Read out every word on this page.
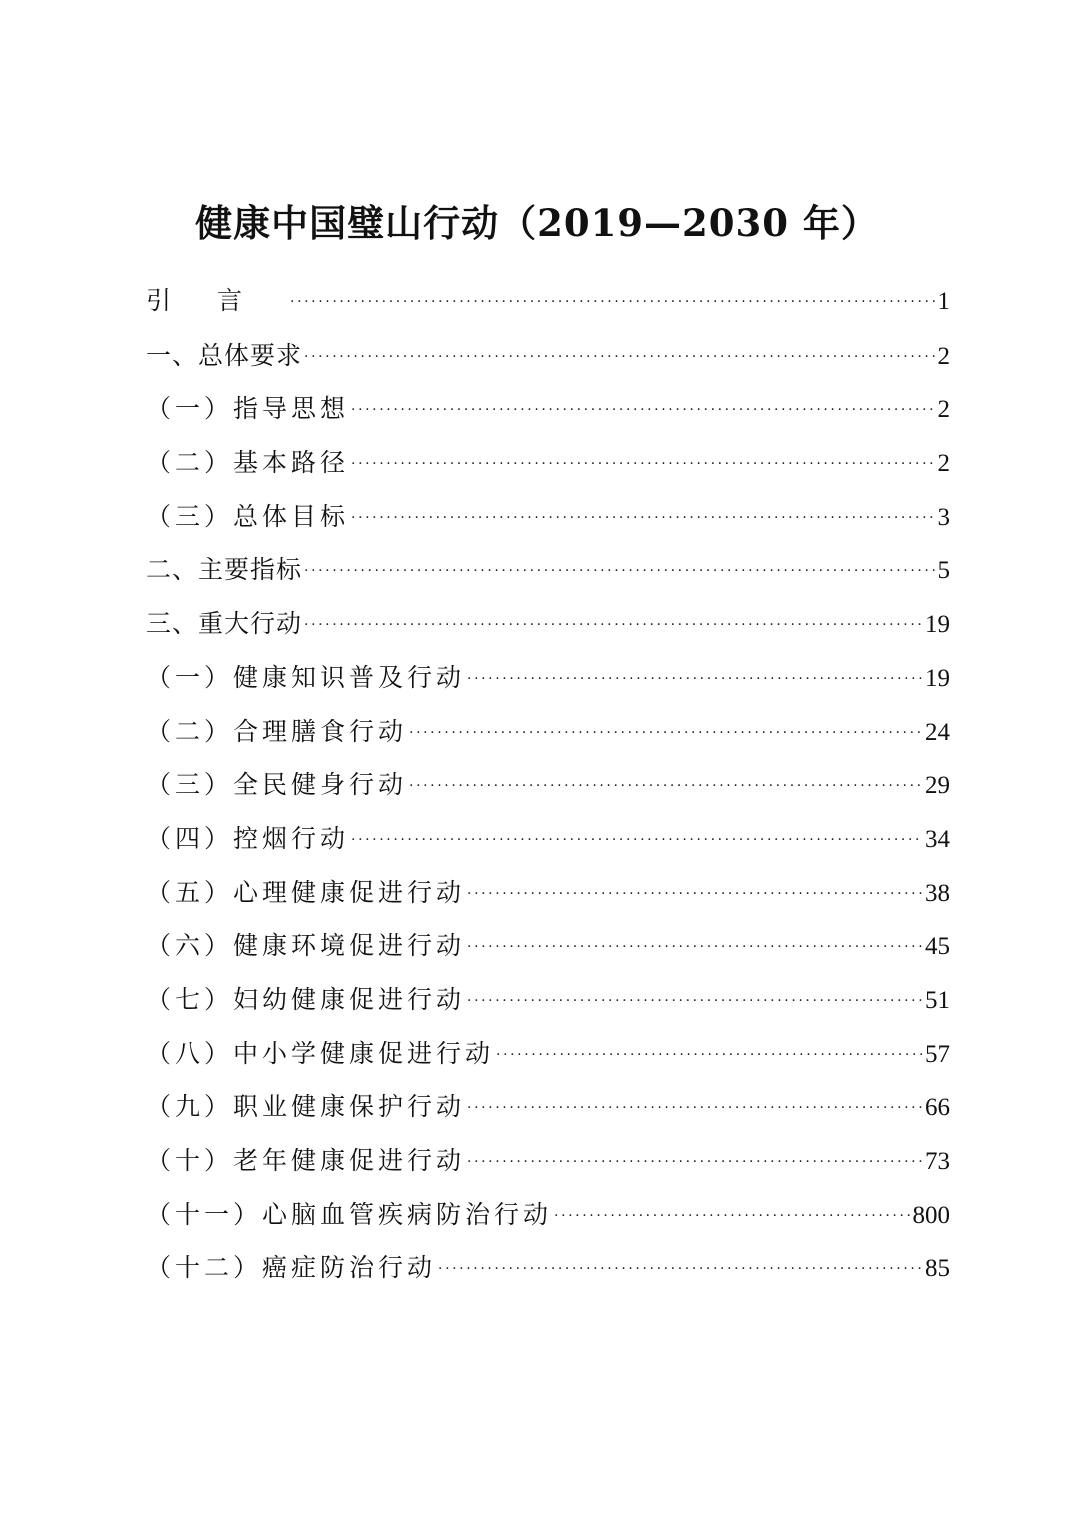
健康中国璧山行动（2019—2030 年）
引言 ·····	1
一、总体要求 ·····	2
（一）指导思想 ·····	2
（二）基本路径 ·····	2
（三）总体目标 ·····	3
二、主要指标 ·····	5
三、重大行动 ·····	19
（一）健康知识普及行动 ·····	19
（二）合理膳食行动 ·····	24
（三）全民健身行动 ·····	29
（四）控烟行动 ·····	34
（五）心理健康促进行动 ·····	38
（六）健康环境促进行动 ·····	45
（七）妇幼健康促进行动 ·····	51
（八）中小学健康促进行动 ·····	57
（九）职业健康保护行动 ·····	66
（十）老年健康促进行动 ·····	73
（十一）心脑血管疾病防治行动 ·····	800
（十二）癌症防治行动 ·····	85
